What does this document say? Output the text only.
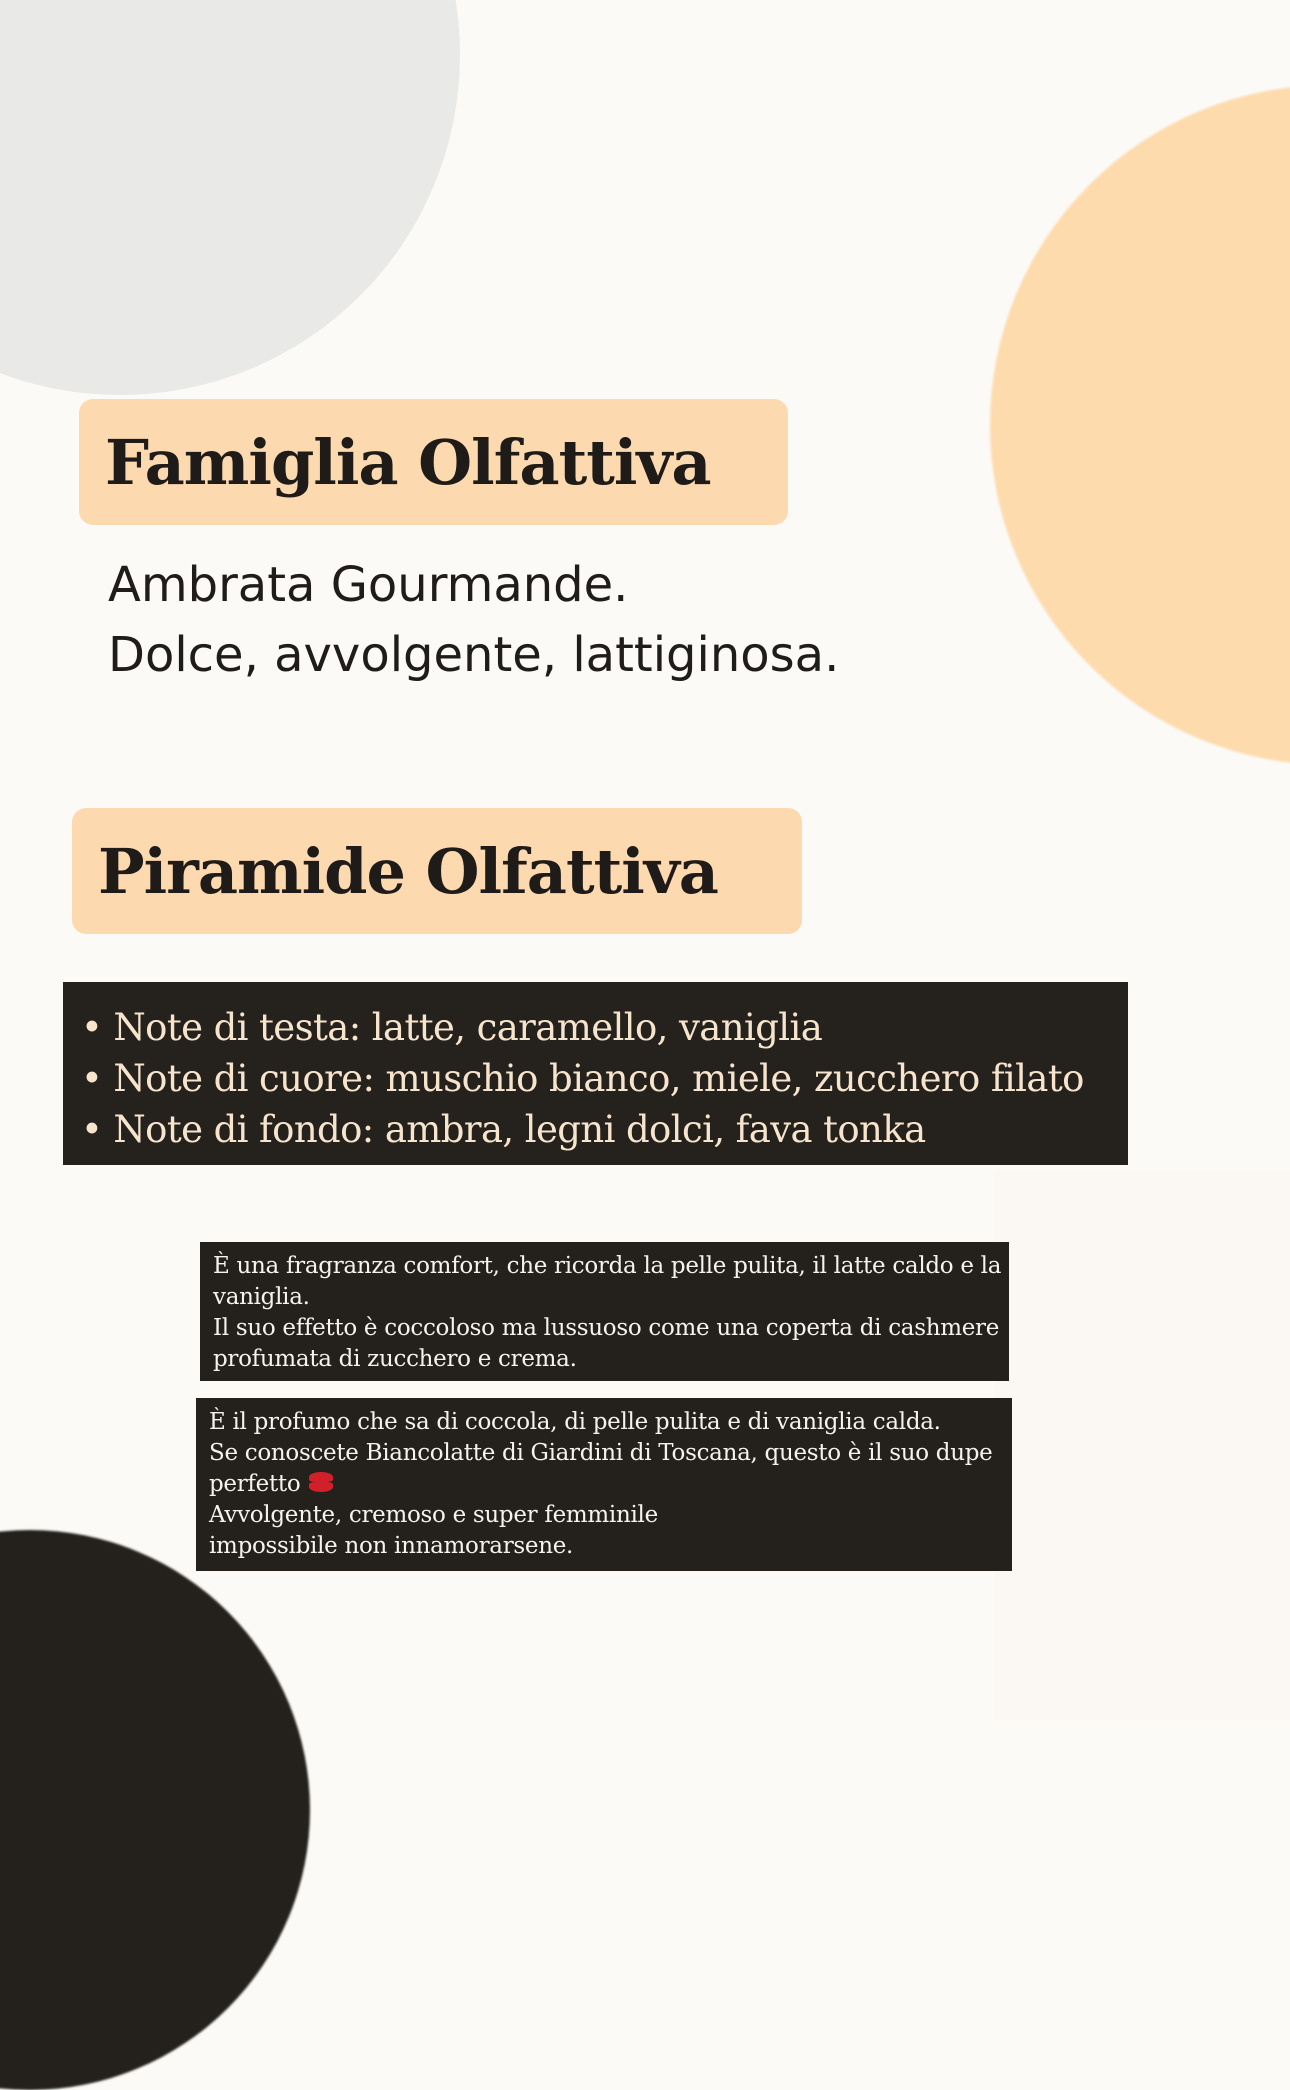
Famiglia Olfattiva
Ambrata Gourmande.
Dolce, avvolgente, lattiginosa.
Piramide Olfattiva
• Note di testa: latte, caramello, vaniglia
• Note di cuore: muschio bianco, miele, zucchero filato
• Note di fondo: ambra, legni dolci, fava tonka
È una fragranza comfort, che ricorda la pelle pulita, il latte caldo e la
vaniglia.
Il suo effetto è coccoloso ma lussuoso come una coperta di cashmere
profumata di zucchero e crema.
È il profumo che sa di coccola, di pelle pulita e di vaniglia calda.
Se conoscete Biancolatte di Giardini di Toscana, questo è il suo dupe
perfetto
Avvolgente, cremoso e super femminile
impossibile non innamorarsene.
